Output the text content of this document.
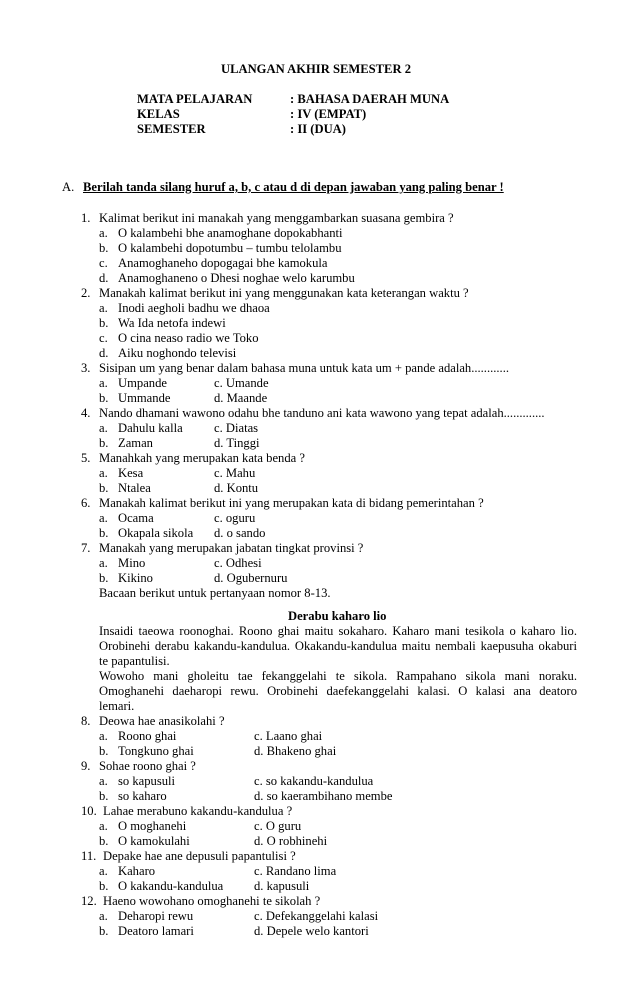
ULANGAN AKHIR SEMESTER 2
MATA PELAJARAN	: BAHASA DAERAH MUNA
KELAS	: IV (EMPAT)
SEMESTER	: II (DUA)
A. Berilah tanda silang huruf a, b, c atau d di depan jawaban yang paling benar !
1. Kalimat berikut ini manakah yang menggambarkan suasana gembira ?
a. O kalambehi bhe anamoghane dopokabhanti
b. O kalambehi dopotumbu – tumbu telolambu
c. Anamoghaneho dopogagai bhe kamokula
d. Anamoghaneno o Dhesi noghae welo karumbu
2. Manakah kalimat berikut ini yang menggunakan kata keterangan waktu ?
a. Inodi aegholi badhu we dhaoa
b. Wa Ida netofa indewi
c. O cina neaso radio we Toko
d. Aiku noghondo televisi
3. Sisipan um yang benar dalam bahasa muna untuk kata um + pande adalah............
a. Umpande	c. Umande
b. Ummande	d. Maande
4. Nando dhamani wawono odahu bhe tanduno ani kata wawono yang tepat adalah.............
a. Dahulu kalla c. Diatas
b. Zaman	d. Tinggi
5. Manahkah yang merupakan kata benda ?
a. Kesa	c. Mahu
b. Ntalea	d. Kontu
6. Manakah kalimat berikut ini yang merupakan kata di bidang pemerintahan ?
a. Ocama	c. oguru
b. Okapala sikola d. o sando
7. Manakah yang merupakan jabatan tingkat provinsi ?
a. Mino	c. Odhesi
b. Kikino	d. Ogubernuru
Bacaan berikut untuk pertanyaan nomor 8-13.
Derabu kaharo lio
Insaidi taeowa roonoghai. Roono ghai maitu sokaharo. Kaharo mani tesikola o kaharo lio.
Orobinehi derabu kakandu-kandulua. Okakandu-kandulua maitu nembali kaepusuha okaburi
te papantulisi.
Wowoho mani gholeitu tae fekanggelahi te sikola. Rampahano sikola mani noraku.
Omoghanehi daeharopi rewu. Orobinehi daefekanggelahi kalasi. O kalasi ana deatoro
lemari.
8. Deowa hae anasikolahi ?
a. Roono ghai	c. Laano ghai
b. Tongkuno ghai	d. Bhakeno ghai
9. Sohae roono ghai ?
a. so kapusuli	c. so kakandu-kandulua
b. so kaharo	d. so kaerambihano membe
10. Lahae merabuno kakandu-kandulua ?
a. O moghanehi	c. O guru
b. O kamokulahi	d. O robhinehi
11. Depake hae ane depusuli papantulisi ?
a. Kaharo	c. Randano lima
b. O kakandu-kandulua d. kapusuli
12. Haeno wowohano omoghanehi te sikolah ?
a. Deharopi rewu	c. Defekanggelahi kalasi
b. Deatoro lamari	d. Depele welo kantori
